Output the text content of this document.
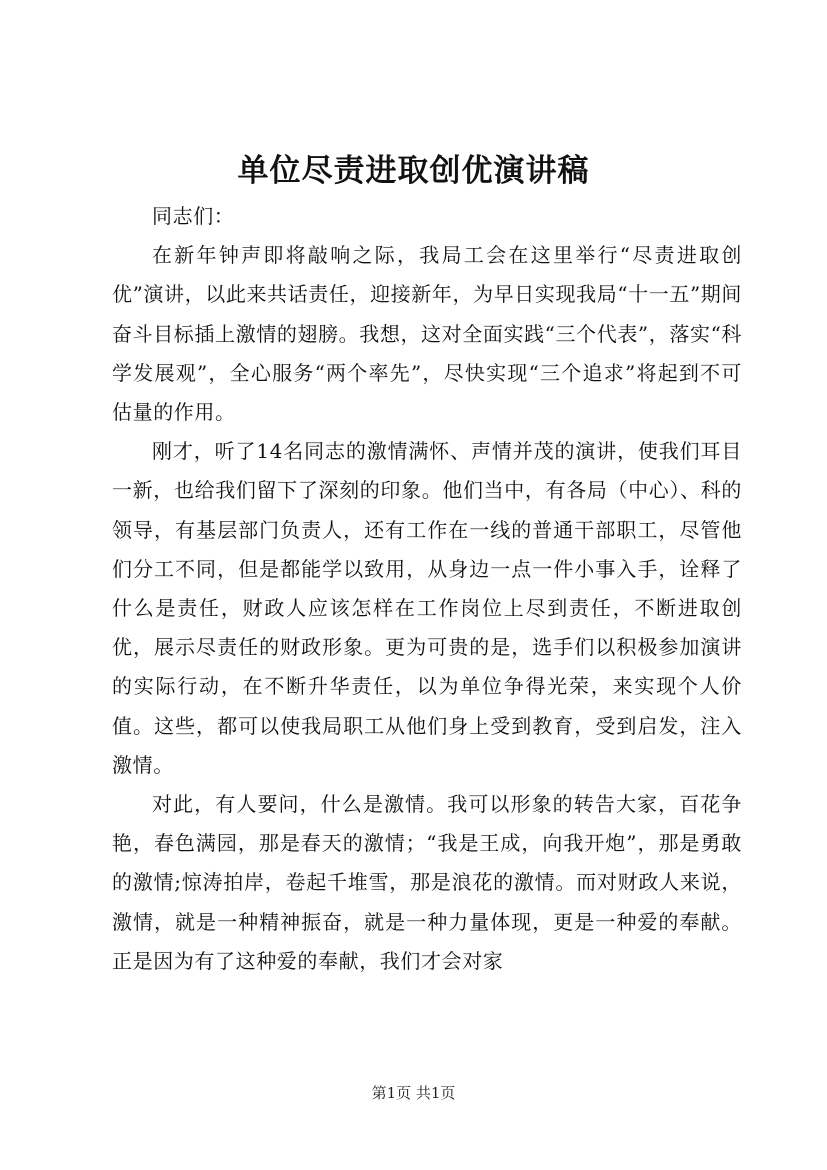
单位尽责进取创优演讲稿

同志们：

在新年钟声即将敲响之际，我局工会在这里举行“尽责进取创优”演讲，以此来共话责任，迎接新年，为早日实现我局“十一五”期间奋斗目标插上激情的翅膀。我想，这对全面实践“三个代表”，落实“科学发展观”，全心服务“两个率先”，尽快实现“三个追求”将起到不可估量的作用。

刚才，听了14名同志的激情满怀、声情并茂的演讲，使我们耳目一新，也给我们留下了深刻的印象。他们当中，有各局（中心）、科的领导，有基层部门负责人，还有工作在一线的普通干部职工，尽管他们分工不同，但是都能学以致用，从身边一点一件小事入手，诠释了什么是责任，财政人应该怎样在工作岗位上尽到责任，不断进取创优，展示尽责任的财政形象。更为可贵的是，选手们以积极参加演讲的实际行动，在不断升华责任，以为单位争得光荣，来实现个人价值。这些，都可以使我局职工从他们身上受到教育，受到启发，注入激情。

对此，有人要问，什么是激情。我可以形象的转告大家，百花争艳，春色满园，那是春天的激情；“我是王成，向我开炮”，那是勇敢的激情;惊涛拍岸，卷起千堆雪，那是浪花的激情。而对财政人来说，激情，就是一种精神振奋，就是一种力量体现，更是一种爱的奉献。正是因为有了这种爱的奉献，我们才会对家

第1页 共1页
